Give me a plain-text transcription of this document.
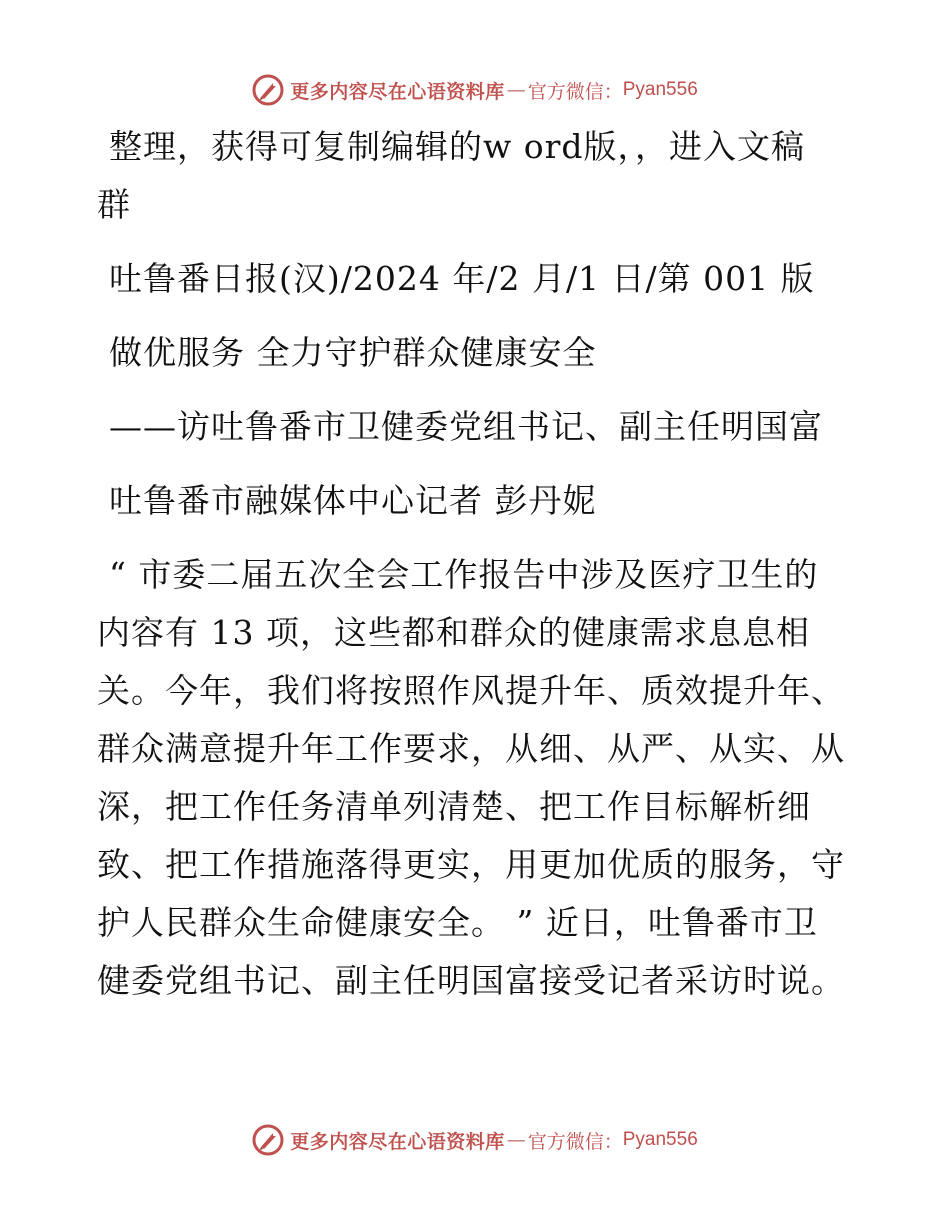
更多内容尽在心语资料库 — 官方微信： Pyan556

整理，获得可复制编辑的w ord版，，进入文稿

群

吐鲁番日报(汉)/2024 年/2 月/1 日/第 001 版

做优服务 全力守护群众健康安全

——访吐鲁番市卫健委党组书记、副主任明国富

吐鲁番市融媒体中心记者 彭丹妮

“ 市委二届五次全会工作报告中涉及医疗卫生的
内容有 13 项，这些都和群众的健康需求息息相
关。今年，我们将按照作风提升年、质效提升年、
群众满意提升年工作要求，从细、从严、从实、从
深，把工作任务清单列清楚、把工作目标解析细
致、把工作措施落得更实，用更加优质的服务，守
护人民群众生命健康安全。 ” 近日，吐鲁番市卫
健委党组书记、副主任明国富接受记者采访时说。
更多内容尽在心语资料库 — 官方微信： Pyan556
